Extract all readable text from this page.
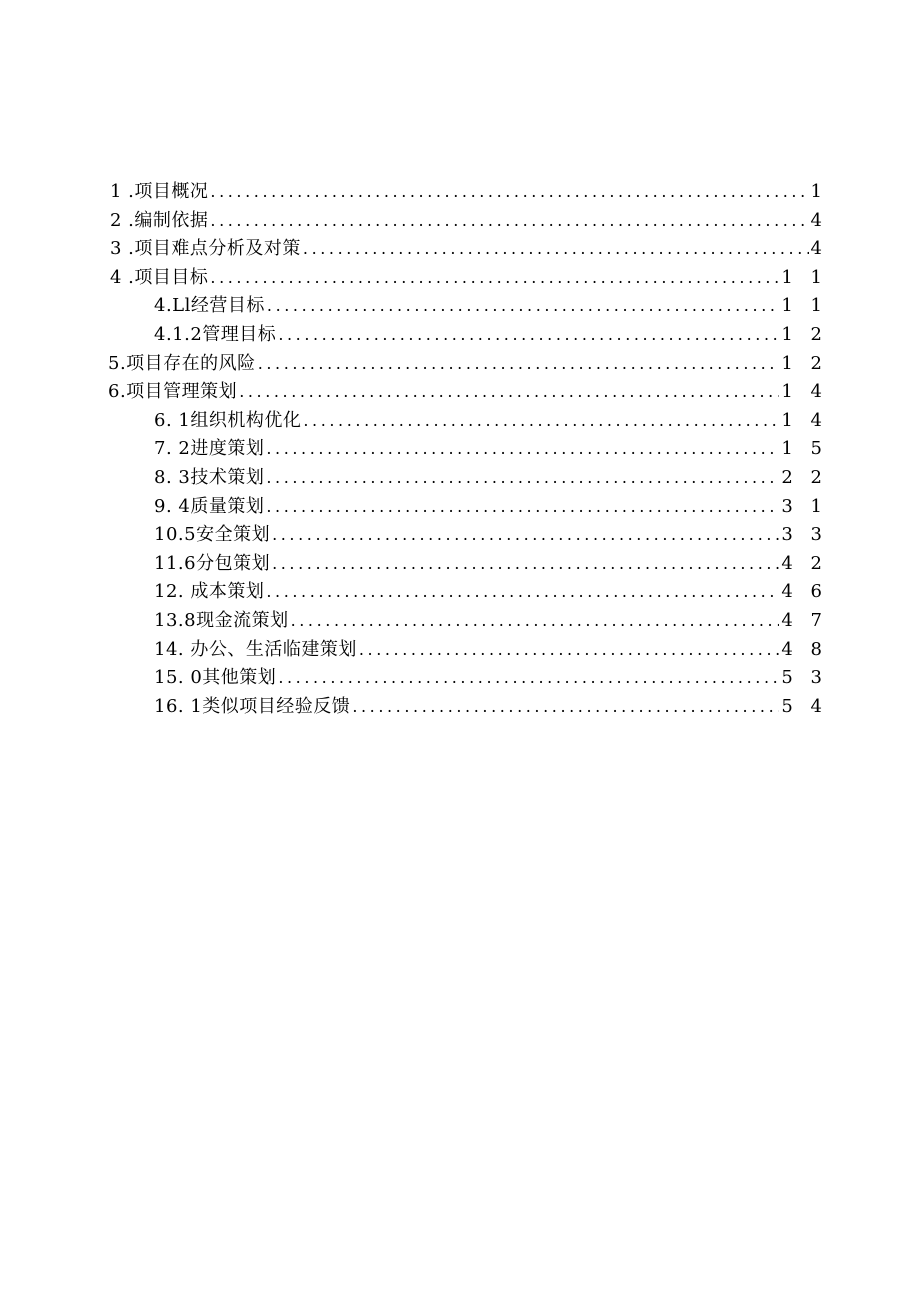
1 .项目概况 . . .	1
2 .编制依据 . . .	4
3 .项目难点分析及对策 . . .	4
4 .项目目标 . . .	1 1
4.Ll经营目标 . . .	1 1
4.1.2管理目标 . . .	1 2
5.项目存在的风险 . . .	1 2
6.项目管理策划 . . .	1 4
6. 1组织机构优化 . . .	1 4
7. 2进度策划 . . .	1 5
8. 3技术策划 . . .	2 2
9. 4质量策划 . . .	3 1
10.5安全策划 . . .	3 3
11.6分包策划 . . .	4 2
12. 成本策划 . . .	4 6
13.8现金流策划 . . .	4 7
14. 办公、生活临建策划 . . .	4 8
15. 0其他策划 . . .	5 3
16. 1类似项目经验反馈 . . .	5 4
